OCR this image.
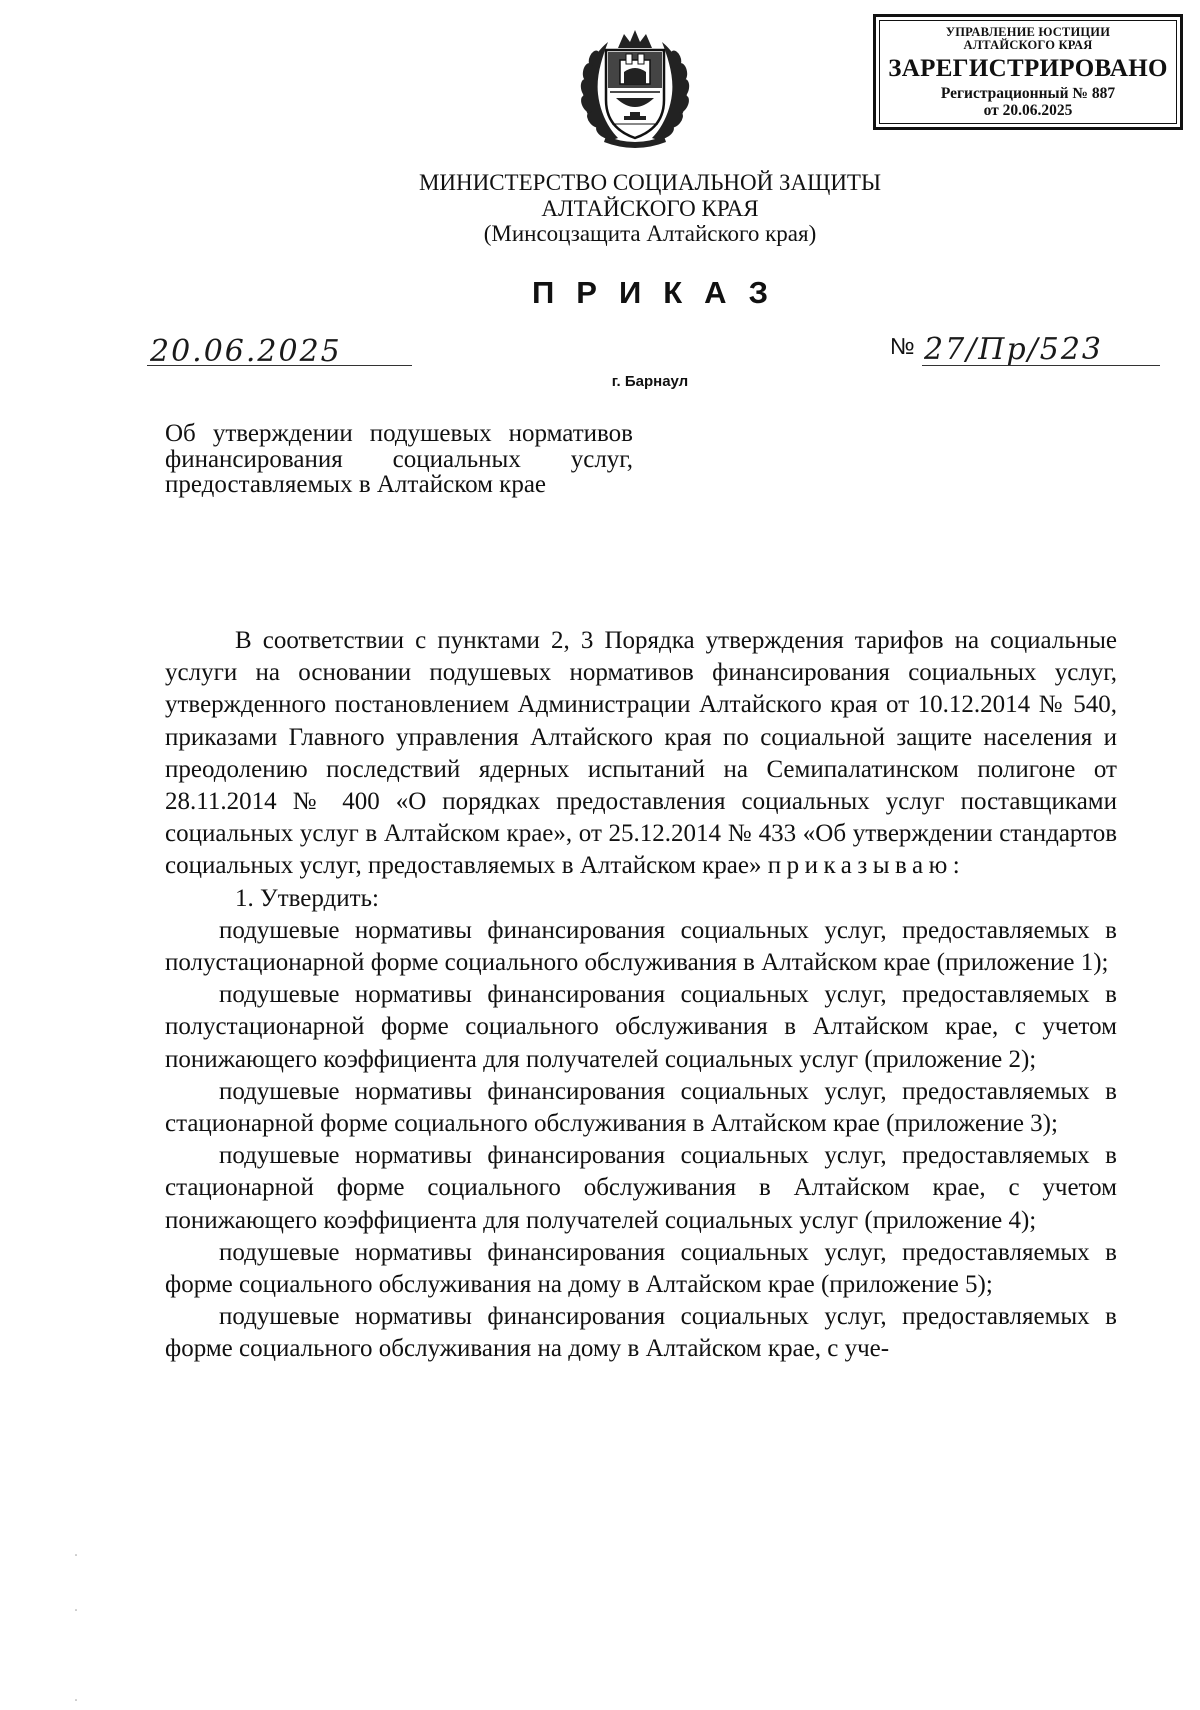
УПРАВЛЕНИЕ ЮСТИЦИИ
АЛТАЙСКОГО КРАЯ
ЗАРЕГИСТРИРОВАНО
Регистрационный № 887
от 20.06.2025
МИНИСТЕРСТВО СОЦИАЛЬНОЙ ЗАЩИТЫ
АЛТАЙСКОГО КРАЯ
(Минсоцзащита Алтайского края)
ПРИКАЗ
20.06.2025	№ 27/Пр/523
г. Барнаул
Об утверждении подушевых нормативов финансирования социальных услуг, предоставляемых в Алтайском крае

В соответствии с пунктами 2, 3 Порядка утверждения тарифов на социальные услуги на основании подушевых нормативов финансирования социальных услуг, утвержденного постановлением Администрации Алтайского края от 10.12.2014 № 540, приказами Главного управления Алтайского края по социальной защите населения и преодолению последствий ядерных испытаний на Семипалатинском полигоне от 28.11.2014 № 400 «О порядках предоставления социальных услуг поставщиками социальных услуг в Алтайском крае», от 25.12.2014 № 433 «Об утверждении стандартов социальных услуг, предоставляемых в Алтайском крае» приказываю:

1. Утвердить:

подушевые нормативы финансирования социальных услуг, предоставляемых в полустационарной форме социального обслуживания в Алтайском крае (приложение 1);

подушевые нормативы финансирования социальных услуг, предоставляемых в полустационарной форме социального обслуживания в Алтайском крае, с учетом понижающего коэффициента для получателей социальных услуг (приложение 2);

подушевые нормативы финансирования социальных услуг, предоставляемых в стационарной форме социального обслуживания в Алтайском крае (приложение 3);

подушевые нормативы финансирования социальных услуг, предоставляемых в стационарной форме социального обслуживания в Алтайском крае, с учетом понижающего коэффициента для получателей социальных услуг (приложение 4);

подушевые нормативы финансирования социальных услуг, предоставляемых в форме социального обслуживания на дому в Алтайском крае (приложение 5);

подушевые нормативы финансирования социальных услуг, предоставляемых в форме социального обслуживания на дому в Алтайском крае, с уче-
